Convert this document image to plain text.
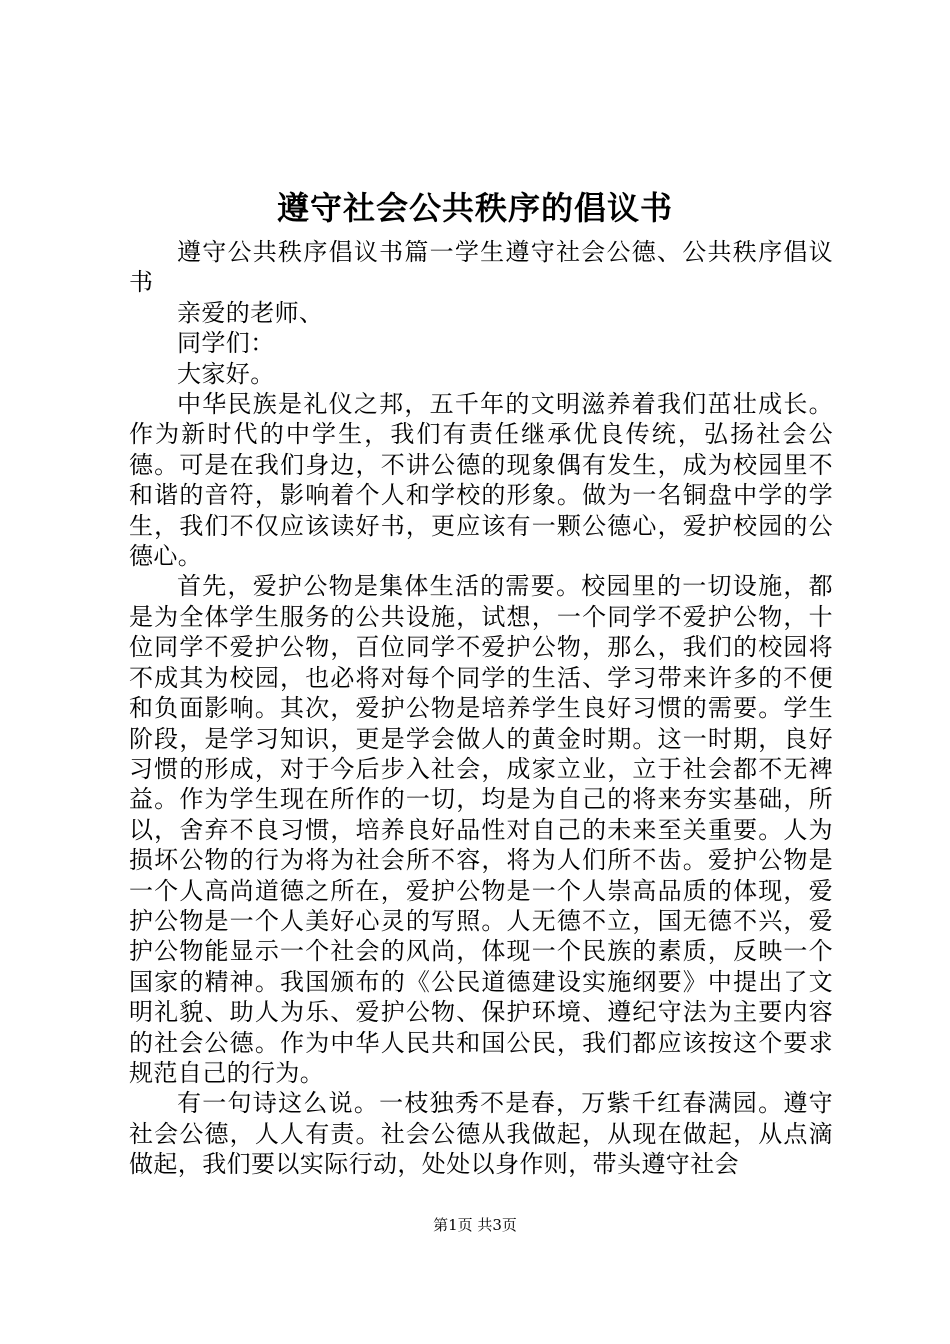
遵守社会公共秩序的倡议书

遵守公共秩序倡议书篇一学生遵守社会公德、公共秩序倡议书

亲爱的老师、

同学们：

大家好。

中华民族是礼仪之邦，五千年的文明滋养着我们茁壮成长。作为新时代的中学生，我们有责任继承优良传统，弘扬社会公德。可是在我们身边，不讲公德的现象偶有发生，成为校园里不和谐的音符，影响着个人和学校的形象。做为一名铜盘中学的学生，我们不仅应该读好书，更应该有一颗公德心，爱护校园的公德心。

首先，爱护公物是集体生活的需要。校园里的一切设施，都是为全体学生服务的公共设施，试想，一个同学不爱护公物，十位同学不爱护公物，百位同学不爱护公物，那么，我们的校园将不成其为校园，也必将对每个同学的生活、学习带来许多的不便和负面影响。其次，爱护公物是培养学生良好习惯的需要。学生阶段，是学习知识，更是学会做人的黄金时期。这一时期，良好习惯的形成，对于今后步入社会，成家立业，立于社会都不无裨益。作为学生现在所作的一切，均是为自己的将来夯实基础，所以，舍弃不良习惯，培养良好品性对自己的未来至关重要。人为损坏公物的行为将为社会所不容，将为人们所不齿。爱护公物是一个人高尚道德之所在，爱护公物是一个人崇高品质的体现，爱护公物是一个人美好心灵的写照。人无德不立，国无德不兴，爱护公物能显示一个社会的风尚，体现一个民族的素质，反映一个国家的精神。我国颁布的《公民道德建设实施纲要》中提出了文明礼貌、助人为乐、爱护公物、保护环境、遵纪守法为主要内容的社会公德。作为中华人民共和国公民，我们都应该按这个要求规范自己的行为。

有一句诗这么说。一枝独秀不是春，万紫千红春满园。遵守社会公德，人人有责。社会公德从我做起，从现在做起，从点滴做起，我们要以实际行动，处处以身作则，带头遵守社会

第1页 共3页
